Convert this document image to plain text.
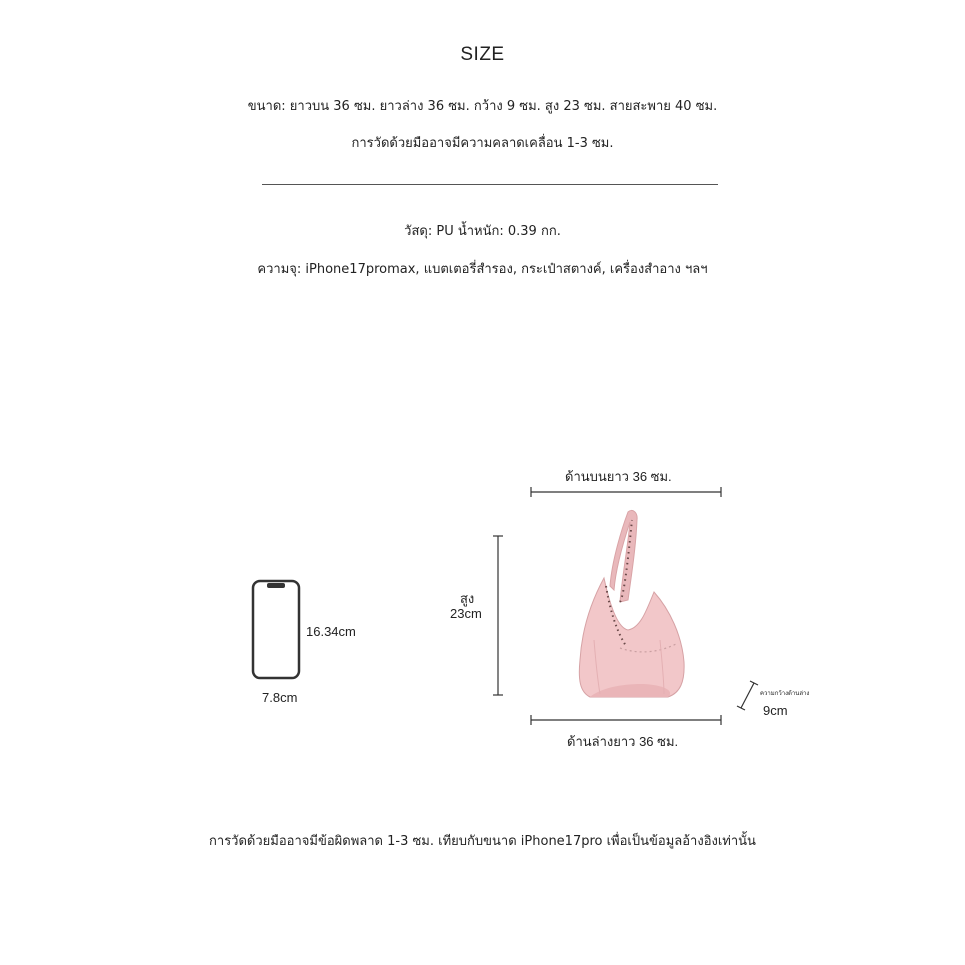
SIZE
ขนาด: ยาวบน 36 ซม. ยาวล่าง 36 ซม. กว้าง 9 ซม. สูง 23 ซม. สายสะพาย 40 ซม.
การวัดด้วยมืออาจมีความคลาดเคลื่อน 1-3 ซม.
วัสดุ: PU น้ำหนัก: 0.39 กก.
ความจุ: iPhone17promax, แบตเตอรี่สำรอง, กระเป๋าสตางค์, เครื่องสำอาง ฯลฯ
16.34cm
7.8cm
ด้านบนยาว 36 ซม.
สูง
23cm
ด้านล่างยาว 36 ซม.
ความกว้างด้านล่าง
9cm
การวัดด้วยมืออาจมีข้อผิดพลาด 1-3 ซม. เทียบกับขนาด iPhone17pro เพื่อเป็นข้อมูลอ้างอิงเท่านั้น
